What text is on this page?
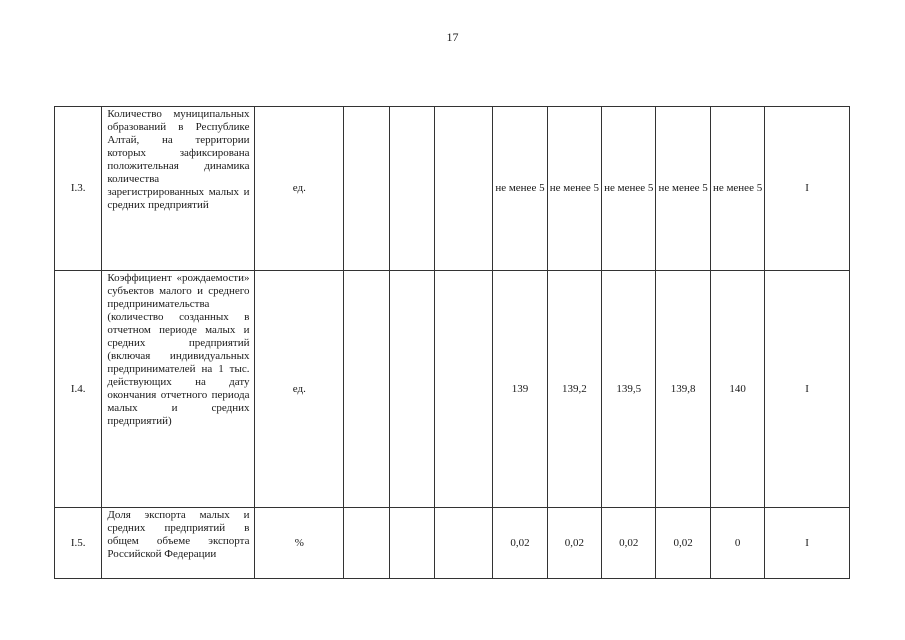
17
I.3.	Количество муниципальных образований в Республике Алтай, на территории которых зафиксирована положительная динамика количества зарегистрированных малых и средних предприятий	ед.				не менее 5	не менее 5	не менее 5	не менее 5	не менее 5	I
I.4.	Коэффициент «рождаемости» субъектов малого и среднего предпринимательства (количество созданных в отчетном периоде малых и средних предприятий (включая индивидуальных предпринимателей на 1 тыс. действующих на дату окончания отчетного периода малых и средних предприятий)	ед.				139	139,2	139,5	139,8	140	I
I.5.	Доля экспорта малых и средних предприятий в общем объеме экспорта Российской Федерации	%				0,02	0,02	0,02	0,02	0	I
